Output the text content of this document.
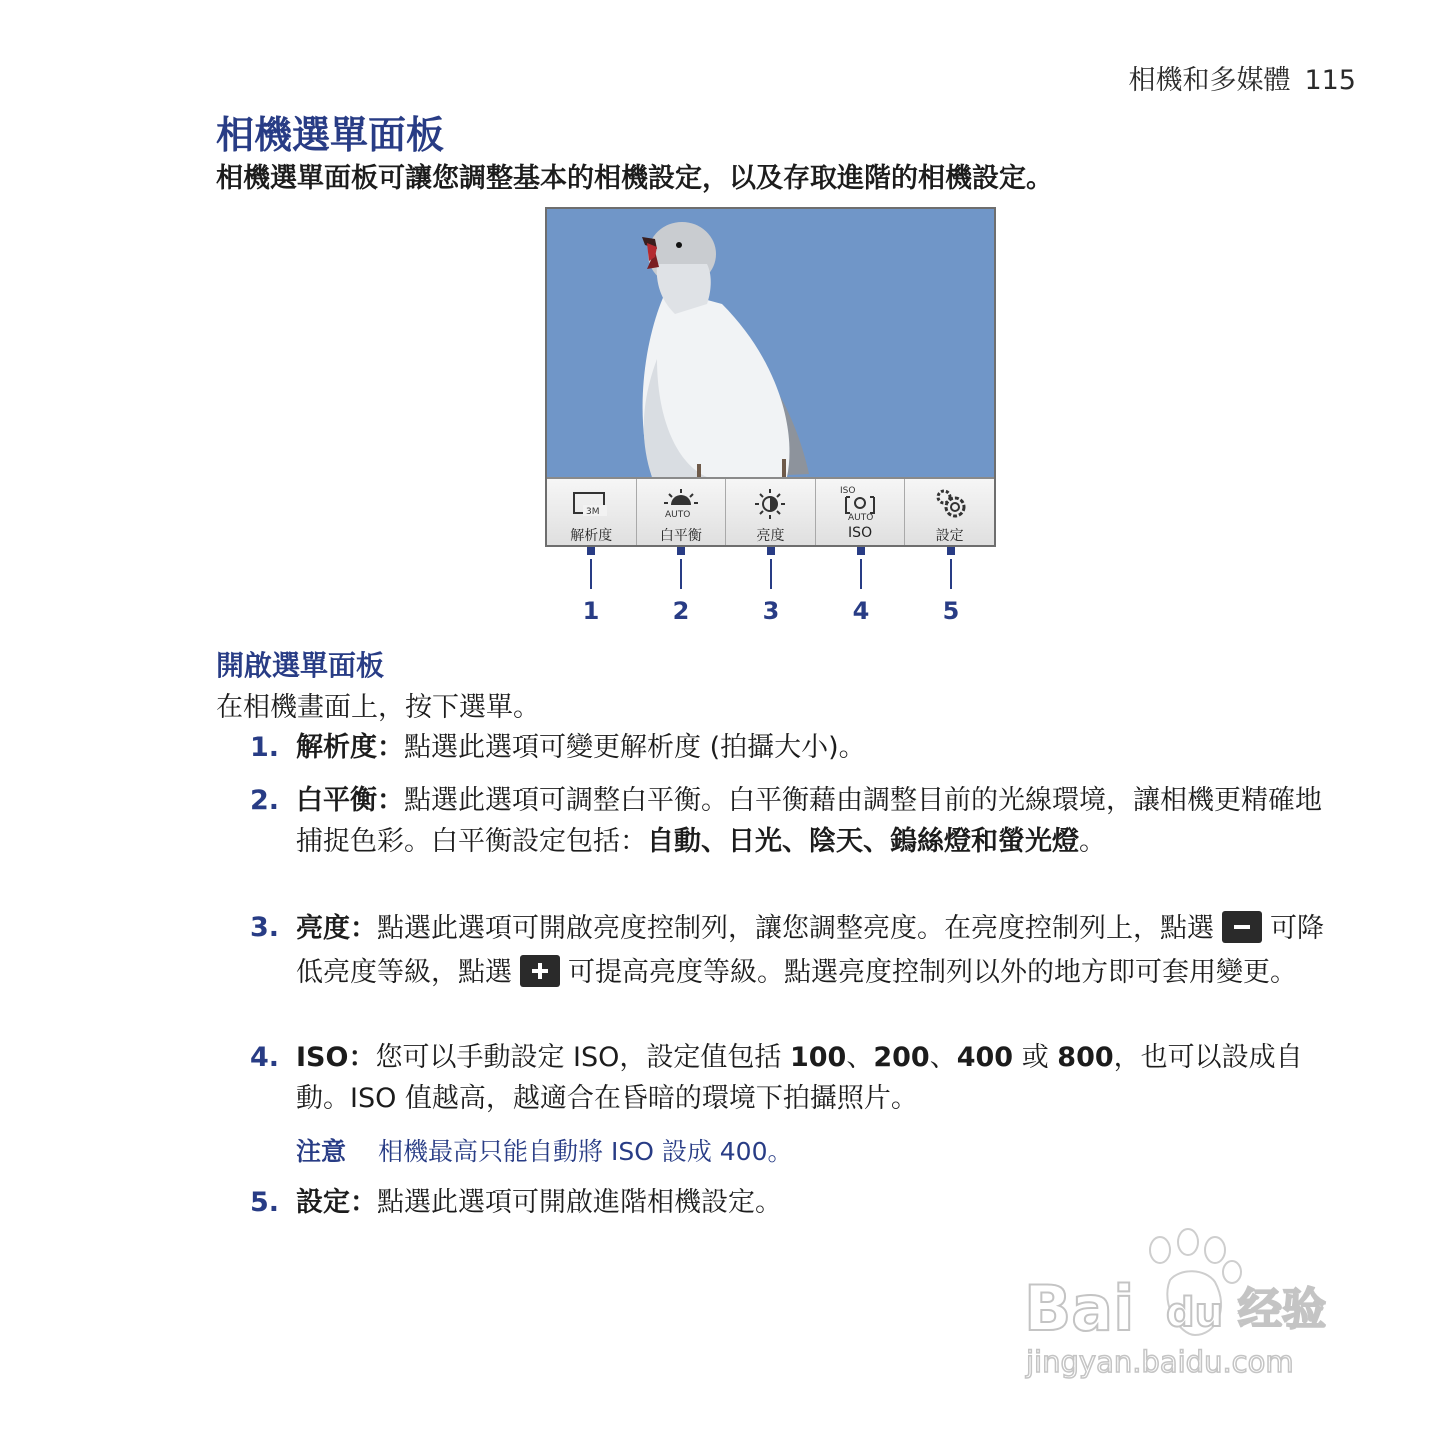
相機和多媒體 115
相機選單面板
相機選單面板可讓您調整基本的相機設定，以及存取進階的相機設定。
3M
解析度
AUTO
白平衡	亮度
ISO
AUTO
ISO	設定
1	2	3	4	5
開啟選單面板
在相機畫面上，按下選單。
1. 解析度：點選此選項可變更解析度 (拍攝大小)。
2. 白平衡：點選此選項可調整白平衡。白平衡藉由調整目前的光線環境，讓相機更精確地捕捉色彩。白平衡設定包括：自動、日光、陰天、鎢絲燈和螢光燈。
3. 亮度：點選此選項可開啟亮度控制列，讓您調整亮度。在亮度控制列上，點選 可降低亮度等級，點選 可提高亮度等級。點選亮度控制列以外的地方即可套用變更。
4. ISO：您可以手動設定 ISO，設定值包括 100、200、400 或 800，也可以設成自動。ISO 值越高，越適合在昏暗的環境下拍攝照片。
5. 設定：點選此選項可開啟進階相機設定。
注意 相機最高只能自動將 ISO 設成 400。
Bai du 经验
jingyan.baidu.com
